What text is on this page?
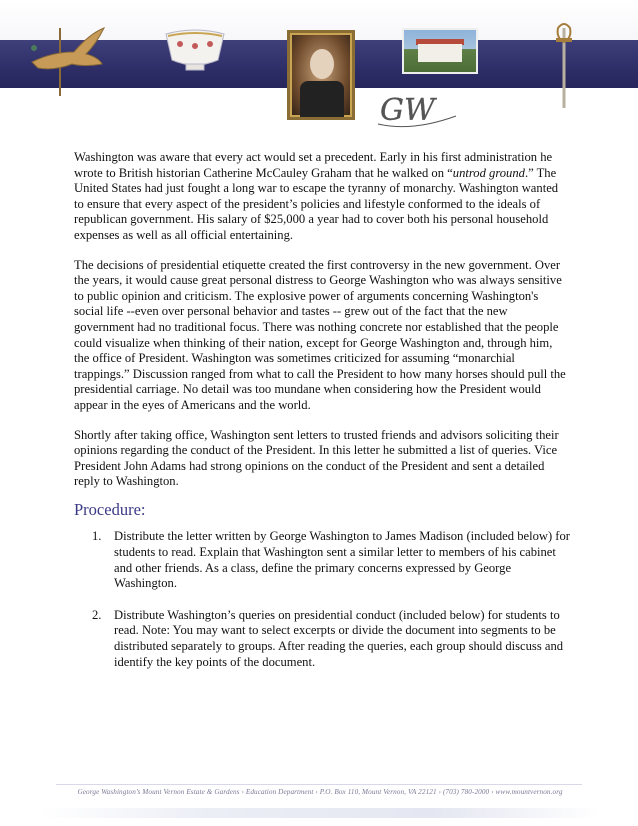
GW

Washington was aware that every act would set a precedent. Early in his first administration he wrote to British historian Catherine McCauley Graham that he walked on “untrod ground.” The United States had just fought a long war to escape the tyranny of monarchy. Washington wanted to ensure that every aspect of the president’s policies and lifestyle conformed to the ideals of republican government. His salary of $25,000 a year had to cover both his personal household expenses as well as all official entertaining.

The decisions of presidential etiquette created the first controversy in the new government. Over the years, it would cause great personal distress to George Washington who was always sensitive to public opinion and criticism. The explosive power of arguments concerning Washington's social life --even over personal behavior and tastes -- grew out of the fact that the new government had no traditional focus. There was nothing concrete nor established that the people could visualize when thinking of their nation, except for George Washington and, through him, the office of President. Washington was sometimes criticized for assuming “monarchial trappings.” Discussion ranged from what to call the President to how many horses should pull the presidential carriage. No detail was too mundane when considering how the President would appear in the eyes of Americans and the world.

Shortly after taking office, Washington sent letters to trusted friends and advisors soliciting their opinions regarding the conduct of the President. In this letter he submitted a list of queries. Vice President John Adams had strong opinions on the conduct of the President and sent a detailed reply to Washington.

Procedure:
1. Distribute the letter written by George Washington to James Madison (included below) for students to read. Explain that Washington sent a similar letter to members of his cabinet and other friends. As a class, define the primary concerns expressed by George Washington.
2. Distribute Washington’s queries on presidential conduct (included below) for students to read. Note: You may want to select excerpts or divide the document into segments to be distributed separately to groups. After reading the queries, each group should discuss and identify the key points of the document.
George Washington’s Mount Vernon Estate & Gardens › Education Department › P.O. Box 110, Mount Vernon, VA 22121 › (703) 780-2000 › www.mountvernon.org
